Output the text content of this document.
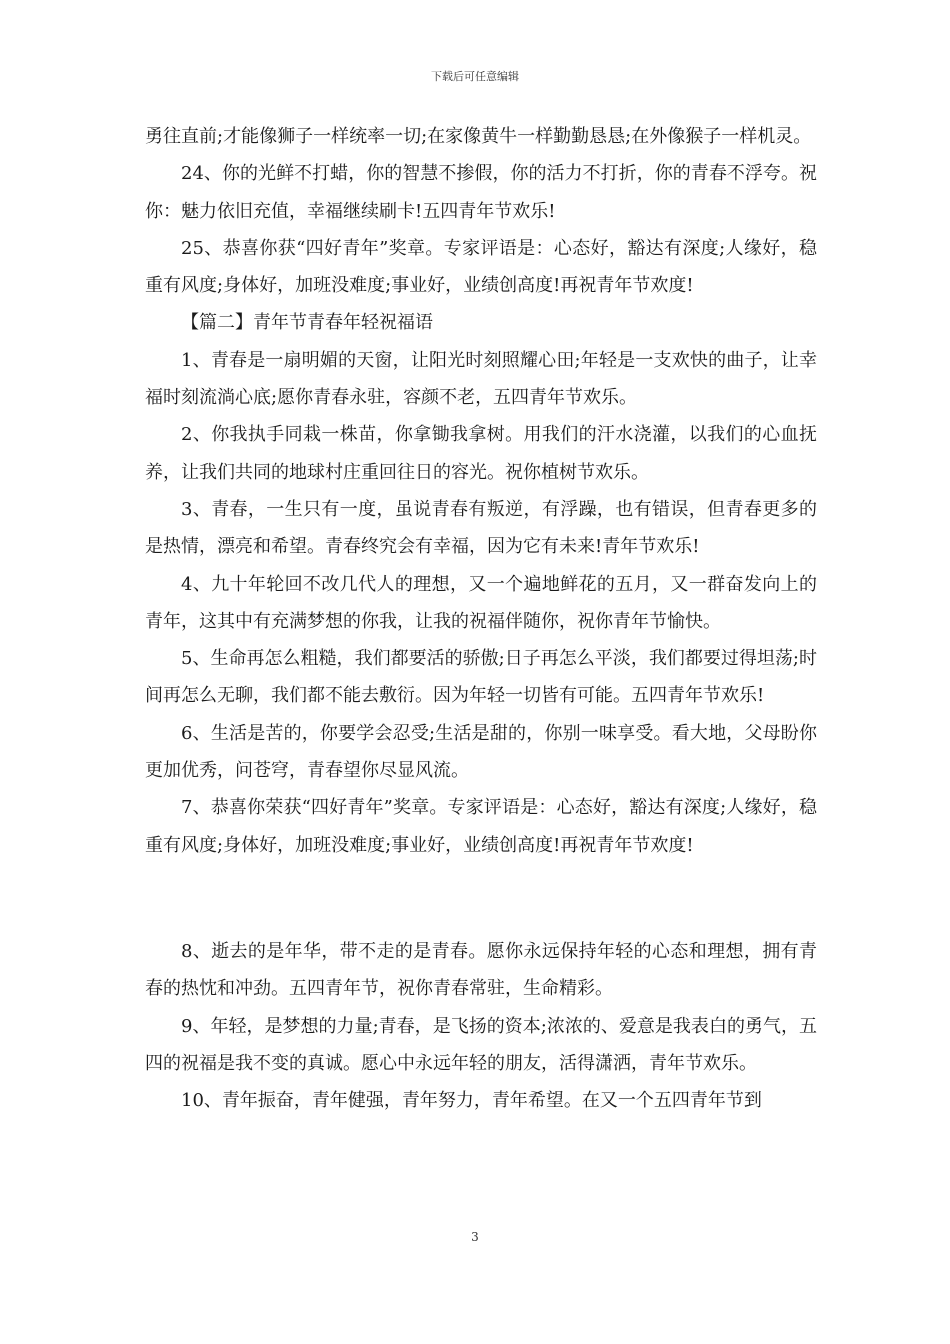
下载后可任意编辑

勇往直前;才能像狮子一样统率一切;在家像黄牛一样勤勤恳恳;在外像猴子一样机灵。

24、你的光鲜不打蜡，你的智慧不掺假，你的活力不打折，你的青春不浮夸。祝你：魅力依旧充值，幸福继续刷卡!五四青年节欢乐!

25、恭喜你获“四好青年”奖章。专家评语是：心态好，豁达有深度;人缘好，稳重有风度;身体好，加班没难度;事业好，业绩创高度!再祝青年节欢度!

【篇二】青年节青春年轻祝福语

1、青春是一扇明媚的天窗，让阳光时刻照耀心田;年轻是一支欢快的曲子，让幸福时刻流淌心底;愿你青春永驻，容颜不老，五四青年节欢乐。

2、你我执手同栽一株苗，你拿锄我拿树。用我们的汗水浇灌，以我们的心血抚养，让我们共同的地球村庄重回往日的容光。祝你植树节欢乐。

3、青春，一生只有一度，虽说青春有叛逆，有浮躁，也有错误，但青春更多的是热情，漂亮和希望。青春终究会有幸福，因为它有未来!青年节欢乐!

4、九十年轮回不改几代人的理想，又一个遍地鲜花的五月，又一群奋发向上的青年，这其中有充满梦想的你我，让我的祝福伴随你，祝你青年节愉快。

5、生命再怎么粗糙，我们都要活的骄傲;日子再怎么平淡，我们都要过得坦荡;时间再怎么无聊，我们都不能去敷衍。因为年轻一切皆有可能。五四青年节欢乐!

6、生活是苦的，你要学会忍受;生活是甜的，你别一味享受。看大地，父母盼你更加优秀，问苍穹，青春望你尽显风流。

7、恭喜你荣获“四好青年”奖章。专家评语是：心态好，豁达有深度;人缘好，稳重有风度;身体好，加班没难度;事业好，业绩创高度!再祝青年节欢度!

8、逝去的是年华，带不走的是青春。愿你永远保持年轻的心态和理想，拥有青春的热忱和冲劲。五四青年节，祝你青春常驻，生命精彩。

9、年轻，是梦想的力量;青春，是飞扬的资本;浓浓的、爱意是我表白的勇气，五四的祝福是我不变的真诚。愿心中永远年轻的朋友，活得潇洒，青年节欢乐。

10、青年振奋，青年健强，青年努力，青年希望。在又一个五四青年节到

3
